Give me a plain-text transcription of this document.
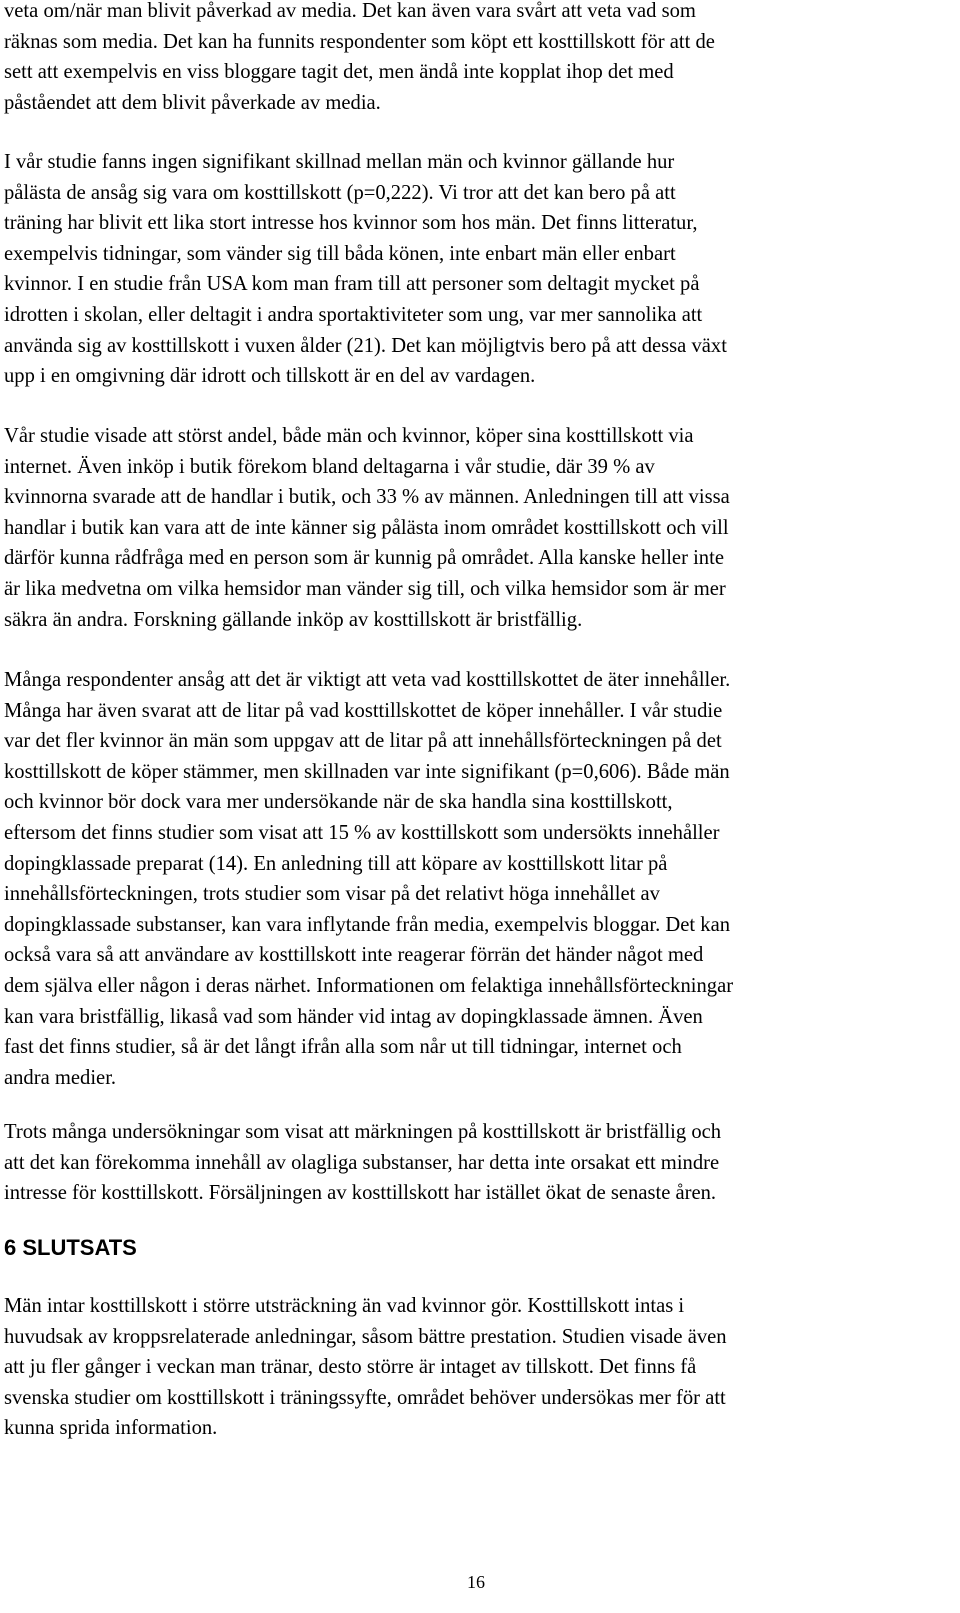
veta om/när man blivit påverkad av media. Det kan även vara svårt att veta vad som
räknas som media. Det kan ha funnits respondenter som köpt ett kosttillskott för att de
sett att exempelvis en viss bloggare tagit det, men ändå inte kopplat ihop det med
påståendet att dem blivit påverkade av media.

I vår studie fanns ingen signifikant skillnad mellan män och kvinnor gällande hur
pålästa de ansåg sig vara om kosttillskott (p=0,222). Vi tror att det kan bero på att
träning har blivit ett lika stort intresse hos kvinnor som hos män. Det finns litteratur,
exempelvis tidningar, som vänder sig till båda könen, inte enbart män eller enbart
kvinnor. I en studie från USA kom man fram till att personer som deltagit mycket på
idrotten i skolan, eller deltagit i andra sportaktiviteter som ung, var mer sannolika att
använda sig av kosttillskott i vuxen ålder (21). Det kan möjligtvis bero på att dessa växt
upp i en omgivning där idrott och tillskott är en del av vardagen.

Vår studie visade att störst andel, både män och kvinnor, köper sina kosttillskott via
internet. Även inköp i butik förekom bland deltagarna i vår studie, där 39 % av
kvinnorna svarade att de handlar i butik, och 33 % av männen. Anledningen till att vissa
handlar i butik kan vara att de inte känner sig pålästa inom området kosttillskott och vill
därför kunna rådfråga med en person som är kunnig på området. Alla kanske heller inte
är lika medvetna om vilka hemsidor man vänder sig till, och vilka hemsidor som är mer
säkra än andra. Forskning gällande inköp av kosttillskott är bristfällig.

Många respondenter ansåg att det är viktigt att veta vad kosttillskottet de äter innehåller.
Många har även svarat att de litar på vad kosttillskottet de köper innehåller. I vår studie
var det fler kvinnor än män som uppgav att de litar på att innehållsförteckningen på det
kosttillskott de köper stämmer, men skillnaden var inte signifikant (p=0,606). Både män
och kvinnor bör dock vara mer undersökande när de ska handla sina kosttillskott,
eftersom det finns studier som visat att 15 % av kosttillskott som undersökts innehåller
dopingklassade preparat (14). En anledning till att köpare av kosttillskott litar på
innehållsförteckningen, trots studier som visar på det relativt höga innehållet av
dopingklassade substanser, kan vara inflytande från media, exempelvis bloggar. Det kan
också vara så att användare av kosttillskott inte reagerar förrän det händer något med
dem själva eller någon i deras närhet. Informationen om felaktiga innehållsförteckningar
kan vara bristfällig, likaså vad som händer vid intag av dopingklassade ämnen. Även
fast det finns studier, så är det långt ifrån alla som når ut till tidningar, internet och
andra medier.

Trots många undersökningar som visat att märkningen på kosttillskott är bristfällig och
att det kan förekomma innehåll av olagliga substanser, har detta inte orsakat ett mindre
intresse för kosttillskott. Försäljningen av kosttillskott har istället ökat de senaste åren.

6 SLUTSATS

Män intar kosttillskott i större utsträckning än vad kvinnor gör. Kosttillskott intas i
huvudsak av kroppsrelaterade anledningar, såsom bättre prestation. Studien visade även
att ju fler gånger i veckan man tränar, desto större är intaget av tillskott. Det finns få
svenska studier om kosttillskott i träningssyfte, området behöver undersökas mer för att
kunna sprida information.

16
